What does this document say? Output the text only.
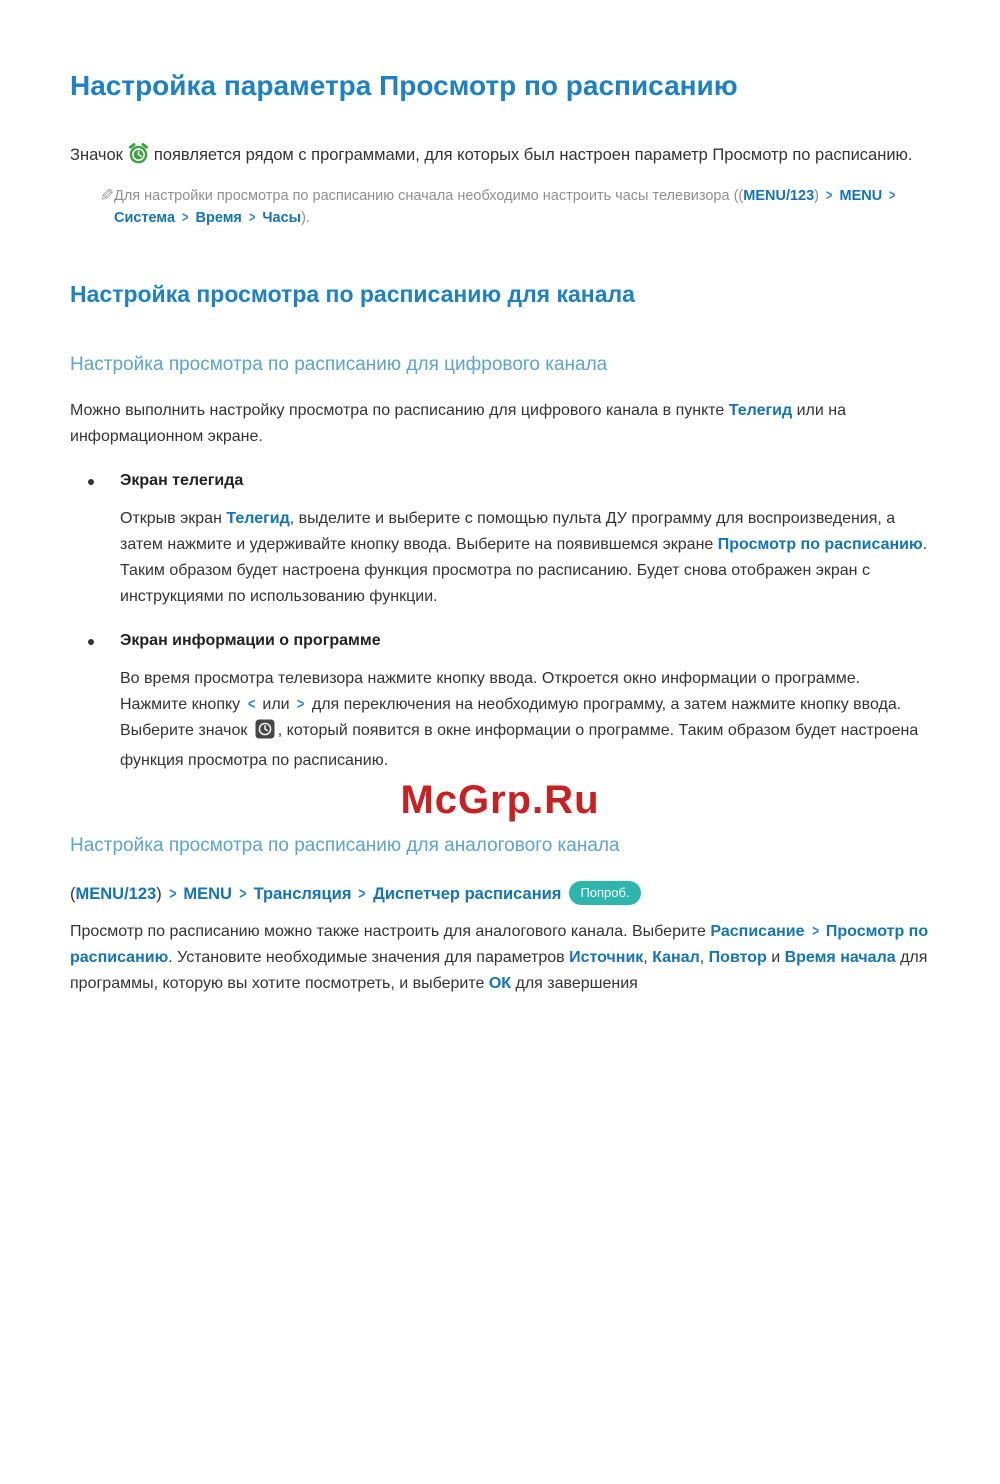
Настройка параметра Просмотр по расписанию

Значок появляется рядом с программами, для которых был настроен параметр Просмотр по расписанию.

✎ Для настройки просмотра по расписанию сначала необходимо настроить часы телевизора ((MENU/123) > MENU >Система > Время > Часы).
Настройка просмотра по расписанию для канала
Настройка просмотра по расписанию для цифрового канала

Можно выполнить настройку просмотра по расписанию для цифрового канала в пункте Телегид или на информационном экране.

Экран телегида

Открыв экран Телегид, выделите и выберите с помощью пульта ДУ программу для воспроизведения, а затем нажмите и удерживайте кнопку ввода. Выберите на появившемся экране Просмотр по расписанию. Таким образом будет настроена функция просмотра по расписанию. Будет снова отображен экран с инструкциями по использованию функции.

Экран информации о программе

Во время просмотра телевизора нажмите кнопку ввода. Откроется окно информации о программе. Нажмите кнопку < или > для переключения на необходимую программу, а затем нажмите кнопку ввода. Выберите значок , который появится в окне информации о программе. Таким образом будет настроена функция просмотра по расписанию.

McGrp.Ru
Настройка просмотра по расписанию для аналогового канала
(MENU/123) > MENU > Трансляция > Диспетчер расписания Попроб.

Просмотр по расписанию можно также настроить для аналогового канала. Выберите Расписание > Просмотр по расписанию. Установите необходимые значения для параметров Источник, Канал, Повтор и Время начала для программы, которую вы хотите посмотреть, и выберите ОК для завершения
